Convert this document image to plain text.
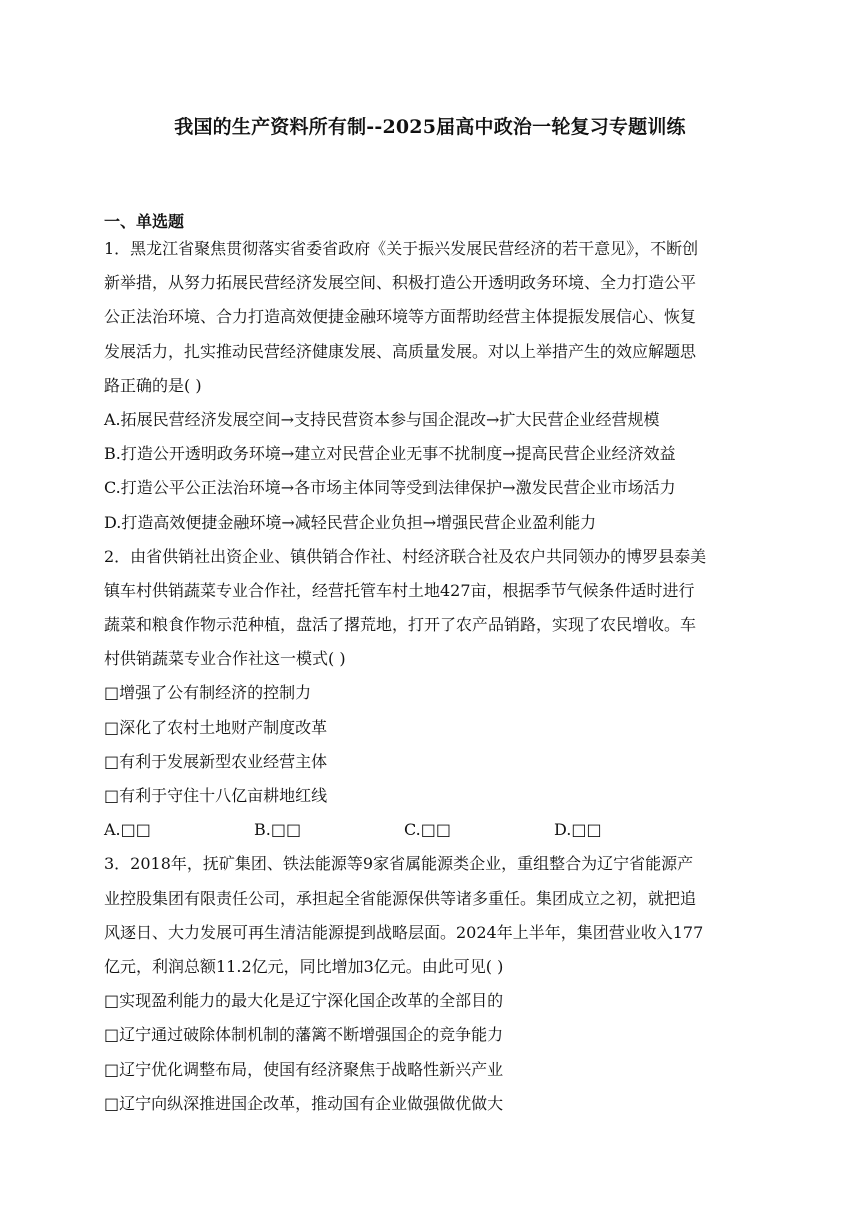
我国的生产资料所有制--2025届高中政治一轮复习专题训练
一、单选题
1．黑龙江省聚焦贯彻落实省委省政府《关于振兴发展民营经济的若干意见》，不断创
新举措，从努力拓展民营经济发展空间、积极打造公开透明政务环境、全力打造公平
公正法治环境、合力打造高效便捷金融环境等方面帮助经营主体提振发展信心、恢复
发展活力，扎实推动民营经济健康发展、高质量发展。对以上举措产生的效应解题思
路正确的是( )
A.拓展民营经济发展空间→支持民营资本参与国企混改→扩大民营企业经营规模
B.打造公开透明政务环境→建立对民营企业无事不扰制度→提高民营企业经济效益
C.打造公平公正法治环境→各市场主体同等受到法律保护→激发民营企业市场活力
D.打造高效便捷金融环境→减轻民营企业负担→增强民营企业盈利能力
2．由省供销社出资企业、镇供销合作社、村经济联合社及农户共同领办的博罗县泰美
镇车村供销蔬菜专业合作社，经营托管车村土地427亩，根据季节气候条件适时进行
蔬菜和粮食作物示范种植，盘活了撂荒地，打开了农产品销路，实现了农民增收。车
村供销蔬菜专业合作社这一模式( )
□增强了公有制经济的控制力
□深化了农村土地财产制度改革
□有利于发展新型农业经营主体
□有利于守住十八亿亩耕地红线
A.□□	B.□□	C.□□	D.□□
3．2018年，抚矿集团、铁法能源等9家省属能源类企业，重组整合为辽宁省能源产
业控股集团有限责任公司，承担起全省能源保供等诸多重任。集团成立之初，就把追
风逐日、大力发展可再生清洁能源提到战略层面。2024年上半年，集团营业收入177
亿元，利润总额11.2亿元，同比增加3亿元。由此可见( )
□实现盈利能力的最大化是辽宁深化国企改革的全部目的
□辽宁通过破除体制机制的藩篱不断增强国企的竞争能力
□辽宁优化调整布局，使国有经济聚焦于战略性新兴产业
□辽宁向纵深推进国企改革，推动国有企业做强做优做大
